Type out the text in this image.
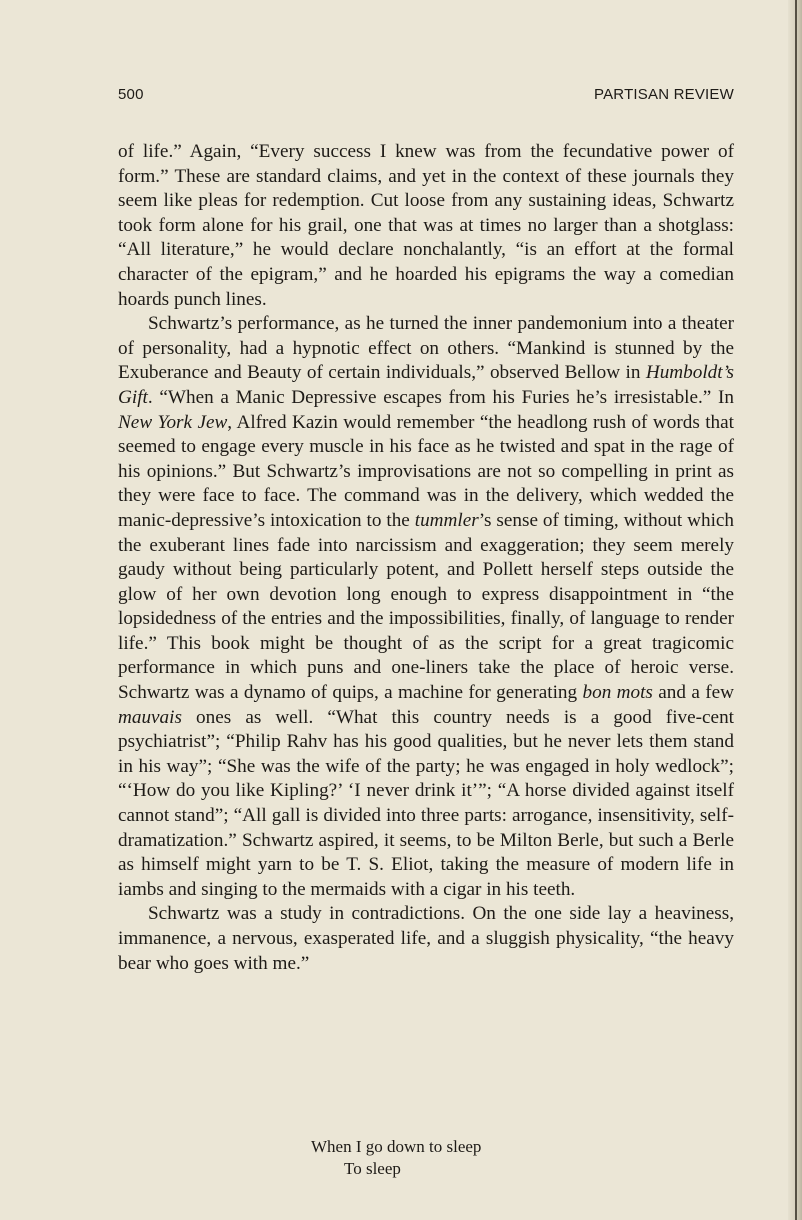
500	PARTISAN REVIEW

of life.” Again, “Every success I knew was from the fecundative power of form.” These are standard claims, and yet in the context of these journals they seem like pleas for redemption. Cut loose from any sustaining ideas, Schwartz took form alone for his grail, one that was at times no larger than a shotglass: “All literature,” he would declare nonchalantly, “is an effort at the formal character of the epigram,” and he hoarded his epigrams the way a comedian hoards punch lines.

Schwartz’s performance, as he turned the inner pandemonium into a theater of personality, had a hypnotic effect on others. “Mankind is stunned by the Exuberance and Beauty of certain individuals,” observed Bellow in Humboldt’s Gift. “When a Manic Depressive escapes from his Furies he’s irresistable.” In New York Jew, Alfred Kazin would remember “the headlong rush of words that seemed to engage every muscle in his face as he twisted and spat in the rage of his opinions.” But Schwartz’s improvisations are not so compelling in print as they were face to face. The command was in the delivery, which wedded the manic-depressive’s intoxication to the tummler’s sense of timing, without which the exuberant lines fade into narcissism and exaggeration; they seem merely gaudy without being particularly potent, and Pollett herself steps outside the glow of her own devotion long enough to express disappointment in “the lopsidedness of the entries and the impossibilities, finally, of language to render life.” This book might be thought of as the script for a great tragicomic performance in which puns and one-liners take the place of heroic verse. Schwartz was a dynamo of quips, a machine for generating bon mots and a few mauvais ones as well. “What this country needs is a good five-cent psychiatrist”; “Philip Rahv has his good qualities, but he never lets them stand in his way”; “She was the wife of the party; he was engaged in holy wedlock”; “‘How do you like Kipling?’ ‘I never drink it’”; “A horse divided against itself cannot stand”; “All gall is divided into three parts: arrogance, insensitivity, self-dramatization.” Schwartz aspired, it seems, to be Milton Berle, but such a Berle as himself might yarn to be T. S. Eliot, taking the measure of modern life in iambs and singing to the mermaids with a cigar in his teeth.

Schwartz was a study in contradictions. On the one side lay a heaviness, immanence, a nervous, exasperated life, and a sluggish physicality, “the heavy bear who goes with me.”

When I go down to sleep
To sleep
